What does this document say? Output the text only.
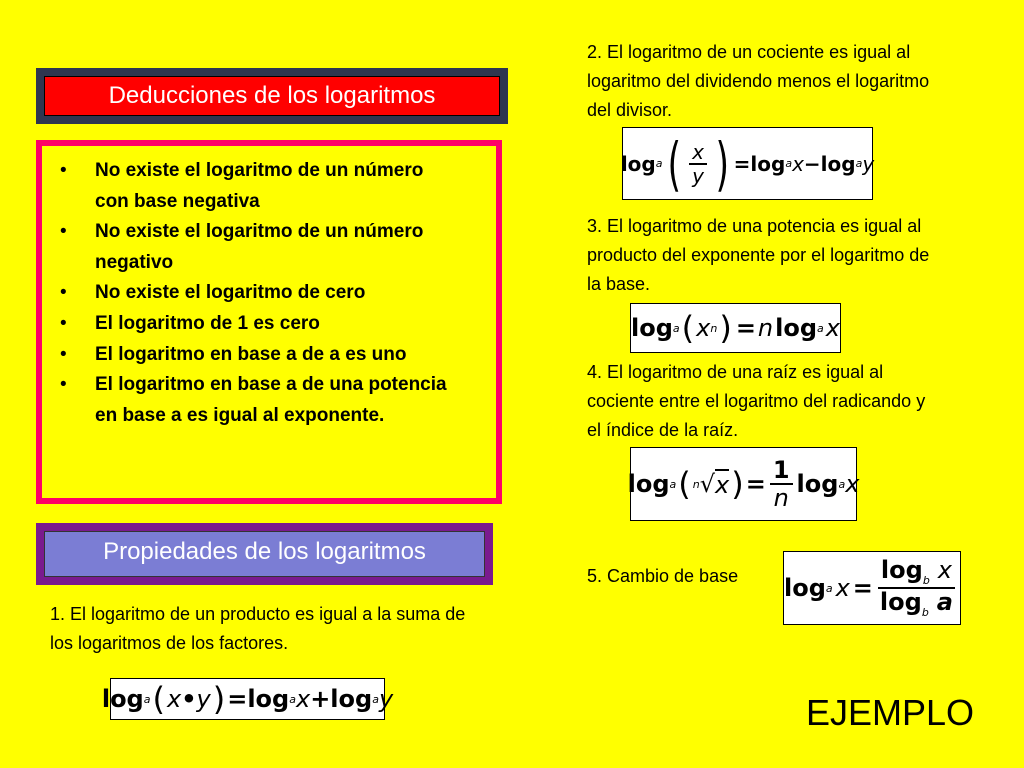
Deducciones de los logaritmos
• No existe el logaritmo de un número con base negativa
• No existe el logaritmo de un número negativo
• No existe el logaritmo de cero
• El logaritmo de 1 es cero
• El logaritmo en base a de a es uno
• El logaritmo en base a de una potencia en base a es igual al exponente.
Propiedades de los logaritmos
1. El logaritmo de un producto es igual a la suma de los logaritmos de los factores.
log a ( x • y ) = log a x + log a y
2. El logaritmo de un cociente es igual al logaritmo del dividendo menos el logaritmo del divisor.
log a ( $\frac{x}{y}$ ) = log a x − log a y
3. El logaritmo de una potencia es igual al producto del exponente por el logaritmo de la base.
log a ( x n ) = n log a x
4. El logaritmo de una raíz es igual al cociente entre el logaritmo del radicando y el índice de la raíz.
log a ( n √ x ) = $\frac{1}{n}$ log a x
5. Cambio de base	log a $x = \frac{\log_b x}{\log_b a}$
EJEMPLO
